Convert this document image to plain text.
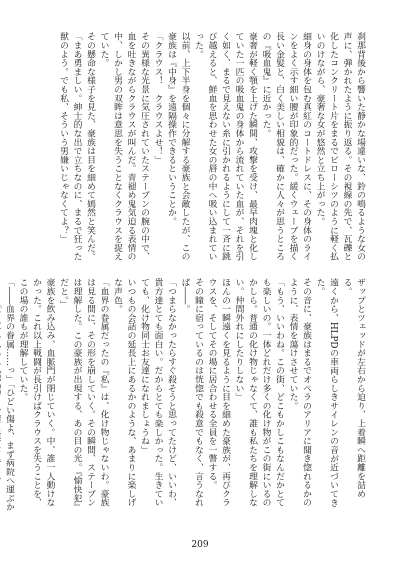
刹那背後から響いた静かな場違いな、鈴の鳴るような女の声に、弾かれたように振り返る。その視線の先で、瓦礫と化したコンクリート片をまるでビローシツのように軽く払いのけながら、豪奢な女が悠然と立ち上がった。

細身の身体を包む真紅のコートドレスに、その身体のラインをよく示す細い腰が印象的だった。緩くウェーブを描く長い金髪と、白く美しい相貌は、確かに人々が思うところの『吸血鬼』に近かった。

豪奢が軽く顎を上げた瞬間、攻撃を受け、最早肉塊と化していた一匹の吸血鬼の身体から流れていた血が、それを引く如く、まるで見えない糸に引かれるようにして一斉に跳び越えると、鮮血を思わせた女の唇の中へ吸い込まれていった。

以前、上下半身を個々に分解する豪族と会敵したが、この豪族は『中身』を遠隔操作できるということか。

「クラウス！　クラウスよせ！」

その異様な光景に気圧されていたステーブンの腕の中で、血を吐きながらクラウスが叫んだ。青褪め鬼気迫る表情の中、しかし男の双眸は意思を失うことなくクラウスを捉えていた。

その懸命な様子を見た、豪族は目を細めて嫣然と笑んだ。

「まあ勇ましい。紳士的な出で立ちなのに、まるで狂った獣のよう。でも私、そういう男嫌いじゃなくてよ？」

ザップとツェッドが左右から迫り、上着瞬へ距離を詰める。

遠くから、HLPDの車両らしきサイレンの音が近づいてきた。

その音に、豪族はまるでオペラのアリアに聞き惚れるかのように、表情を蕩けさせていた。

「もう、いいわね。この街、どこもかしこもなんだかとても楽しいの。一体どれだけ多くの化け物がこの街にいるのかしら。普通の化け物じゃなくて、誰も私たちを理解しない。仲間外れにしたりしない」

ほんの一瞬遠くを見るように目を細めた豪族が、再びクラウスを、そしてその場に居合わせる全員を一瞥する。

その瞳に宿っているのは恍惚でも殺意でもなく、言うなれば――。

「つまらなかったらすぐ殺そうと思ってたけど、いいわ、貴方達とても面白い。だからとても楽しかった。生きていても、化け物同士お友達になれましょうね」

いつもの会話の延長上にあるかのような、あまりに楽しげな声色。

「血界の眷属だったの『私』は、化け物じゃないわ。豪族は見る間に、その形を崩していく。その瞬間、ステーブンは理解した。この豪族が出現する、あの目の光。『愉快犯』だと。」

豪族を飲み込み、血脈門が閉じていく。中、誰一人動けなかった。これ以上戦闘が長引けばクラウスを失うことを、この場の誰もが理解していた。

「――血界の眷属……っ」「ひどい傷よ、まず病院へ運ぶか

209
